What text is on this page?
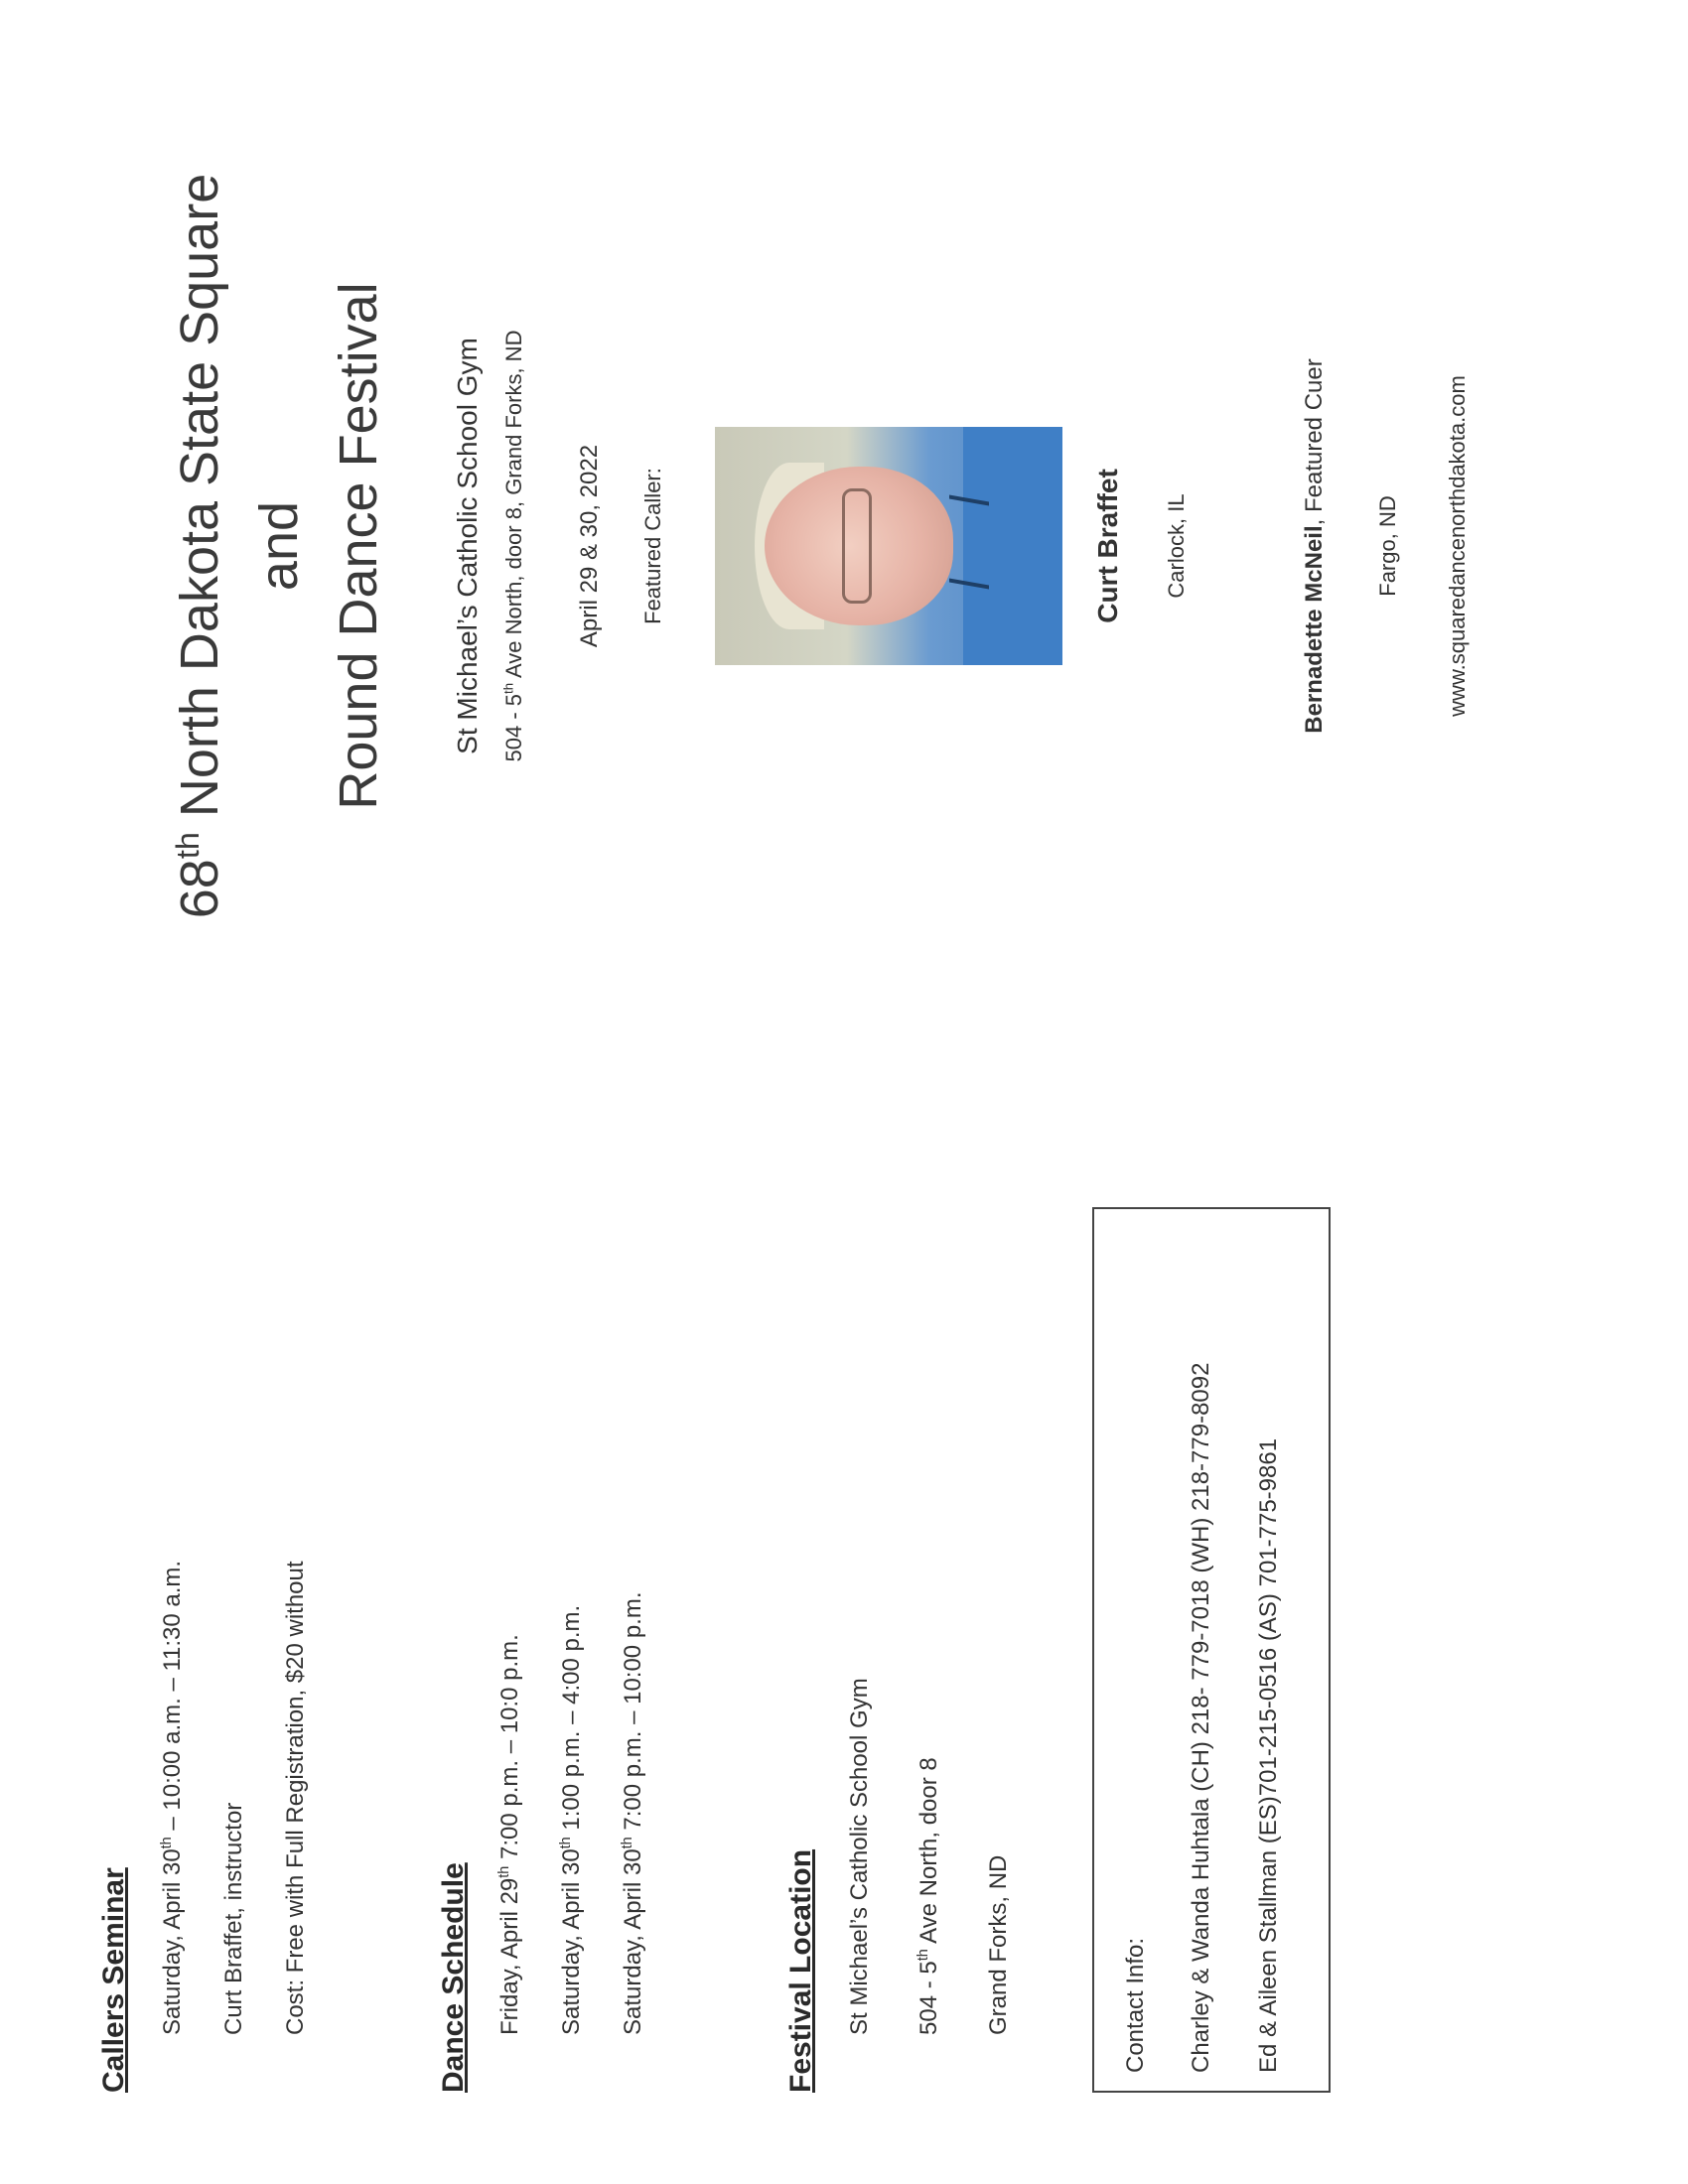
Callers Seminar Saturday, April 30th – 10:00 a.m. – 11:30 a.m.
Curt Braffet, instructor Cost: Free with Full Registration, $20 without	Dance Schedule Friday, April 29th 7:00 p.m. – 10:0 p.m.
Saturday, April 30th 1:00 p.m. – 4:00 p.m.
Saturday, April 30th 7:00 p.m. – 10:00 p.m.
Festival Location St Michael’s Catholic School Gym 504 - 5th Ave North, door 8 Grand Forks, ND	Contact Info: Charley & Wanda Huhtala (CH) 218- 779-7018 (WH) 218-779-8092 Ed & Aileen Stallman (ES)701-215-0516 (AS) 701-775-9861
68th North Dakota State Square and Round Dance Festival St Michael’s Catholic School Gym 504 - 5th Ave North, door 8, Grand Forks, ND April 29 & 30, 2022 Featured Caller:	Curt Braffet Carlock, IL	Bernadette McNeil, Featured Cuer
Fargo, ND www.squaredancenorthdakota.com
